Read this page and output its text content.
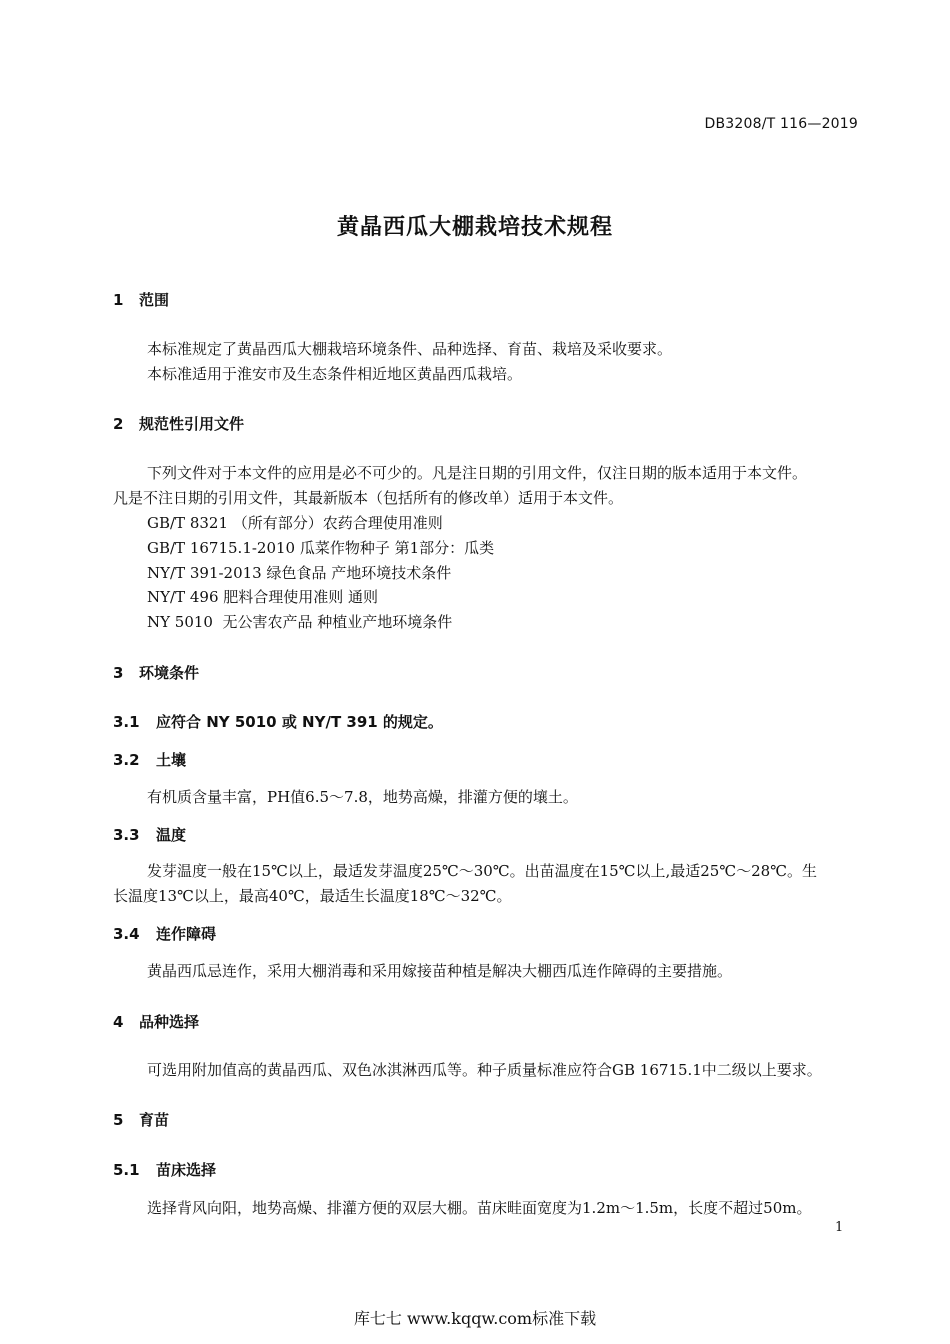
DB3208/T 116—2019
黄晶西瓜大棚栽培技术规程
1 范围
本标准规定了黄晶西瓜大棚栽培环境条件、品种选择、育苗、栽培及采收要求。
本标准适用于淮安市及生态条件相近地区黄晶西瓜栽培。
2 规范性引用文件
下列文件对于本文件的应用是必不可少的。凡是注日期的引用文件，仅注日期的版本适用于本文件。
凡是不注日期的引用文件，其最新版本（包括所有的修改单）适用于本文件。
GB/T 8321 （所有部分）农药合理使用准则
GB/T 16715.1-2010 瓜菜作物种子 第1部分：瓜类
NY/T 391-2013 绿色食品 产地环境技术条件
NY/T 496 肥料合理使用准则 通则
NY 5010  无公害农产品 种植业产地环境条件
3 环境条件
3.1 应符合 NY 5010 或 NY/T 391 的规定。
3.2 土壤
有机质含量丰富，PH值6.5～7.8，地势高燥，排灌方便的壤土。
3.3 温度
发芽温度一般在15℃以上，最适发芽温度25℃～30℃。出苗温度在15℃以上,最适25℃～28℃。生
长温度13℃以上，最高40℃，最适生长温度18℃～32℃。
3.4 连作障碍
黄晶西瓜忌连作，采用大棚消毒和采用嫁接苗种植是解决大棚西瓜连作障碍的主要措施。
4 品种选择
可选用附加值高的黄晶西瓜、双色冰淇淋西瓜等。种子质量标准应符合GB 16715.1中二级以上要求。
5 育苗
5.1 苗床选择
选择背风向阳，地势高燥、排灌方便的双层大棚。苗床畦面宽度为1.2m～1.5m，长度不超过50m。
1
库七七 www.kqqw.com标准下载
